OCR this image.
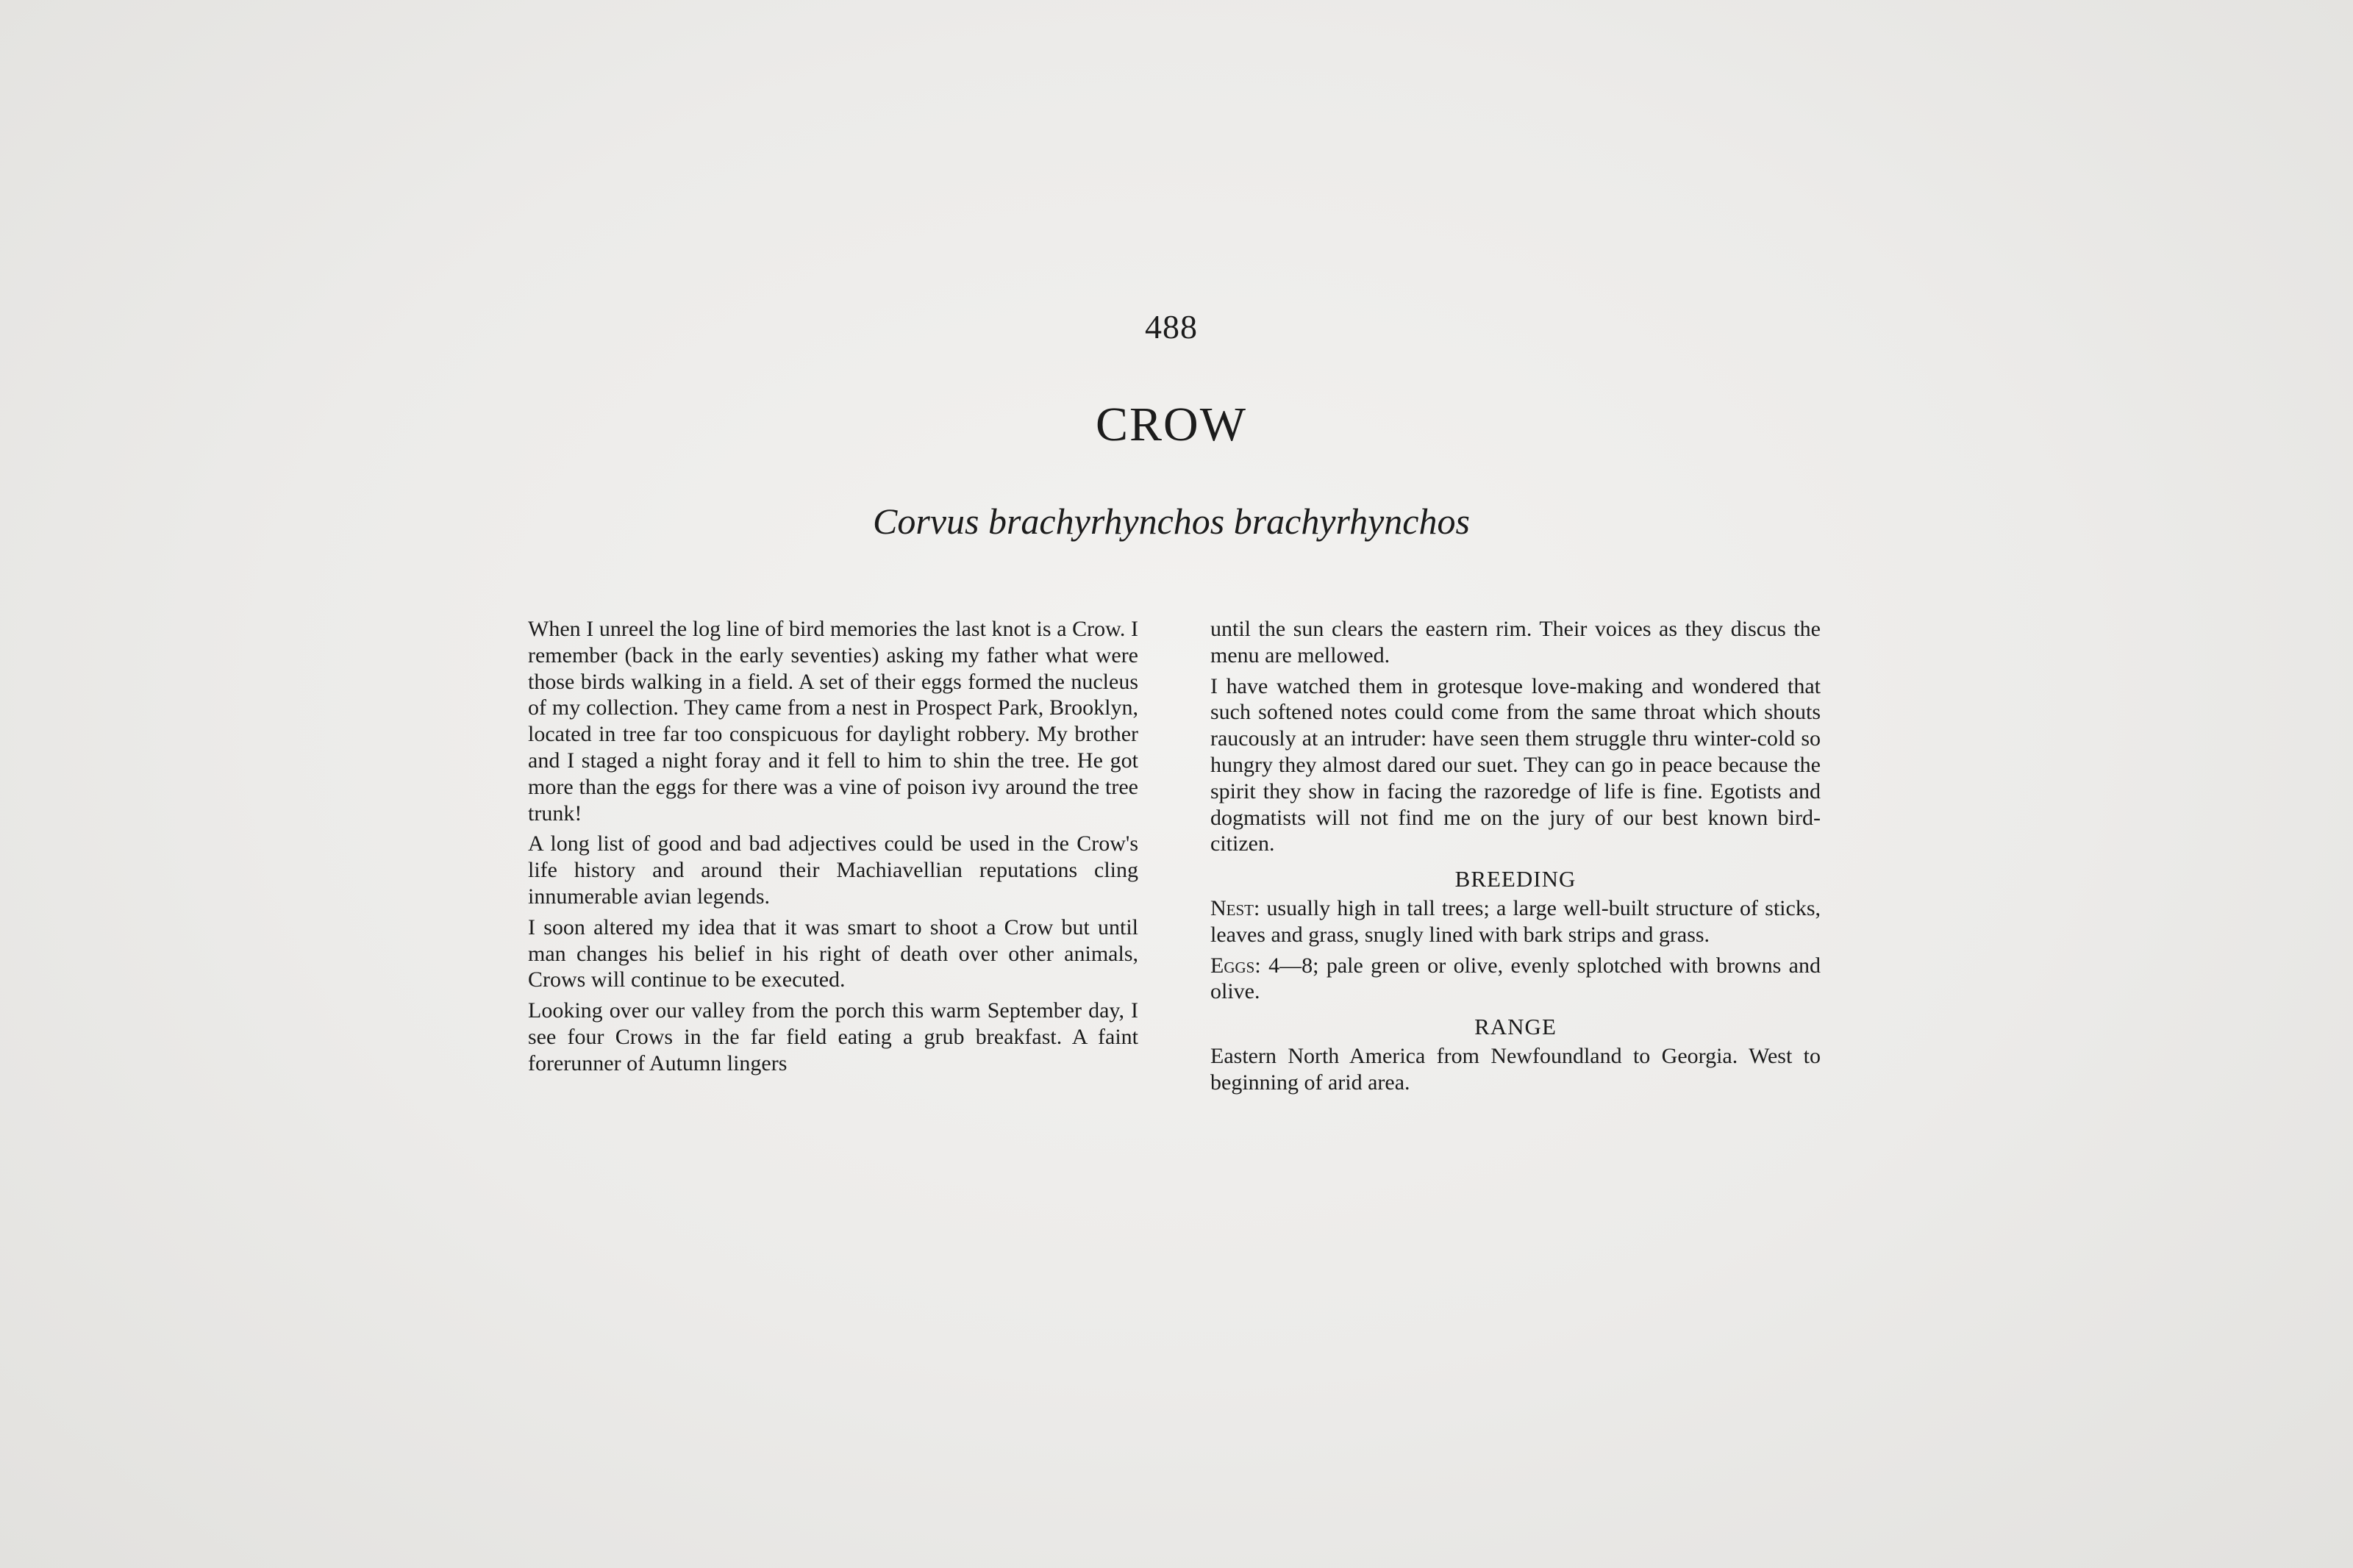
488
CROW
Corvus brachyrhynchos brachyrhynchos

When I unreel the log line of bird memories the last knot is a Crow. I remember (back in the early seventies) asking my father what were those birds walking in a field. A set of their eggs formed the nucleus of my collection. They came from a nest in Prospect Park, Brooklyn, located in tree far too conspicuous for daylight robbery. My brother and I staged a night foray and it fell to him to shin the tree. He got more than the eggs for there was a vine of poison ivy around the tree trunk!

A long list of good and bad adjectives could be used in the Crow's life history and around their Machiavellian reputations cling innumerable avian legends.

I soon altered my idea that it was smart to shoot a Crow but until man changes his belief in his right of death over other animals, Crows will continue to be executed.

Looking over our valley from the porch this warm September day, I see four Crows in the far field eating a grub breakfast. A faint forerunner of Autumn lingers

until the sun clears the eastern rim. Their voices as they discus the menu are mellowed.

I have watched them in grotesque love-making and wondered that such softened notes could come from the same throat which shouts raucously at an intruder: have seen them struggle thru winter-cold so hungry they almost dared our suet. They can go in peace because the spirit they show in facing the razoredge of life is fine. Egotists and dogmatists will not find me on the jury of our best known bird-citizen.

BREEDING

Nest: usually high in tall trees; a large well-built structure of sticks, leaves and grass, snugly lined with bark strips and grass.

Eggs: 4—8; pale green or olive, evenly splotched with browns and olive.

RANGE

Eastern North America from Newfoundland to Georgia. West to beginning of arid area.
